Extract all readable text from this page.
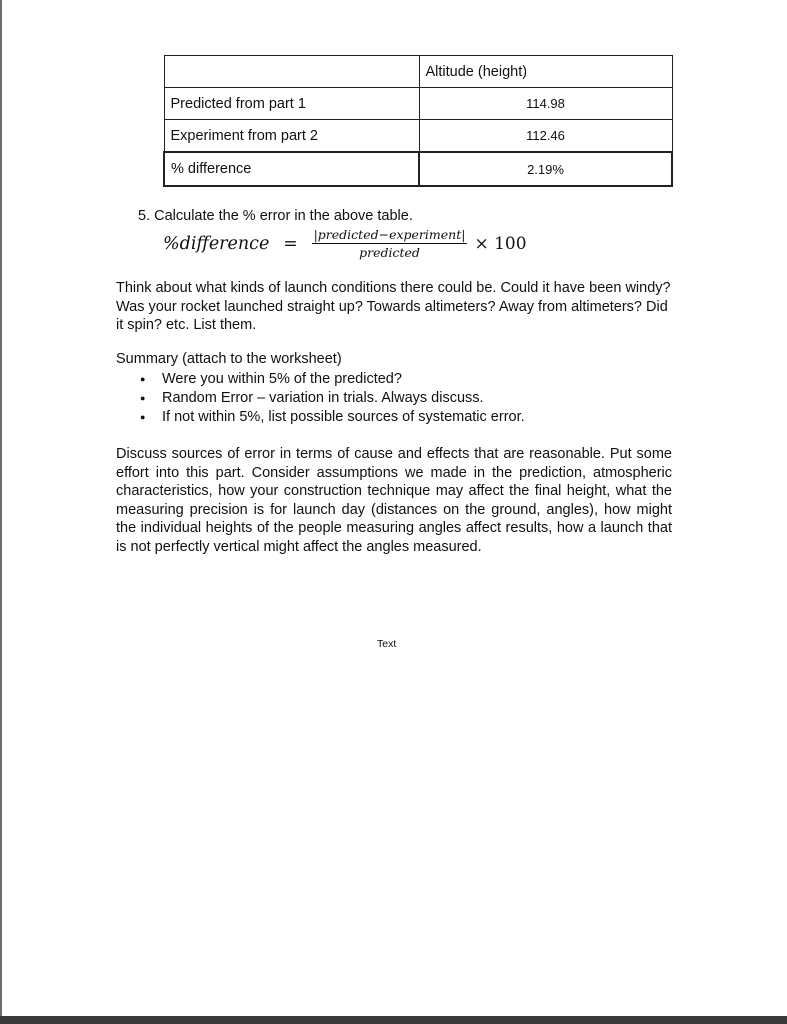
	Altitude (height)
Predicted from part 1	114.98
Experiment from part 2	112.46
% difference	2.19%
5. Calculate the % error in the above table.
%difference = $\frac{\text{|predicted−experiment|}}{\text{predicted}} \times 100$

Think about what kinds of launch conditions there could be. Could it have been windy? Was your rocket launched straight up? Towards altimeters? Away from altimeters? Did it spin? etc. List them.

Summary (attach to the worksheet)
● Were you within 5% of the predicted?
● Random Error – variation in trials. Always discuss.
● If not within 5%, list possible sources of systematic error.

Discuss sources of error in terms of cause and effects that are reasonable. Put some effort into this part. Consider assumptions we made in the prediction, atmospheric characteristics, how your construction technique may affect the final height, what the measuring precision is for launch day (distances on the ground, angles), how might the individual heights of the people measuring angles affect results, how a launch that is not perfectly vertical might affect the angles measured.

Text
